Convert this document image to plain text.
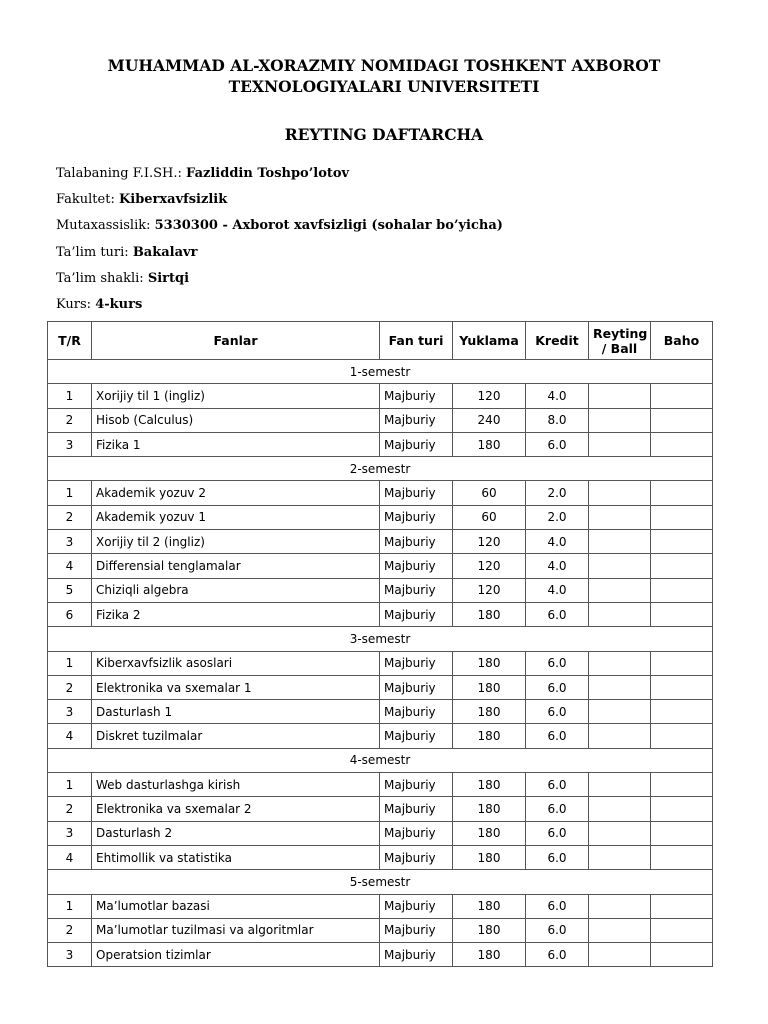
MUHAMMAD AL-XORAZMIY NOMIDAGI TOSHKENT AXBOROT
TEXNOLOGIYALARI UNIVERSITETI
REYTING DAFTARCHA
Talabaning F.I.SH.: Fazliddin Toshpo’lotov
Fakultet: Kiberxavfsizlik
Mutaxassislik: 5330300 - Axborot xavfsizligi (sohalar bo’yicha)
Ta’lim turi: Bakalavr
Ta’lim shakli: Sirtqi
Kurs: 4-kurs
T/R	Fanlar	Fan turi	Yuklama	Kredit	Reyting / Ball	Baho
1-semestr						
1	Xorijiy til 1 (ingliz)	Majburiy	120	4.0		
2	Hisob (Calculus)	Majburiy	240	8.0		
3	Fizika 1	Majburiy	180	6.0		
2-semestr						
1	Akademik yozuv 2	Majburiy	60	2.0		
2	Akademik yozuv 1	Majburiy	60	2.0		
3	Xorijiy til 2 (ingliz)	Majburiy	120	4.0		
4	Differensial tenglamalar	Majburiy	120	4.0		
5	Chiziqli algebra	Majburiy	120	4.0		
6	Fizika 2	Majburiy	180	6.0		
3-semestr						
1	Kiberxavfsizlik asoslari	Majburiy	180	6.0		
2	Elektronika va sxemalar 1	Majburiy	180	6.0		
3	Dasturlash 1	Majburiy	180	6.0		
4	Diskret tuzilmalar	Majburiy	180	6.0		
4-semestr						
1	Web dasturlashga kirish	Majburiy	180	6.0		
2	Elektronika va sxemalar 2	Majburiy	180	6.0		
3	Dasturlash 2	Majburiy	180	6.0		
4	Ehtimollik va statistika	Majburiy	180	6.0		
5-semestr						
1	Ma’lumotlar bazasi	Majburiy	180	6.0		
2	Ma’lumotlar tuzilmasi va algoritmlar	Majburiy	180	6.0		
3	Operatsion tizimlar	Majburiy	180	6.0		
